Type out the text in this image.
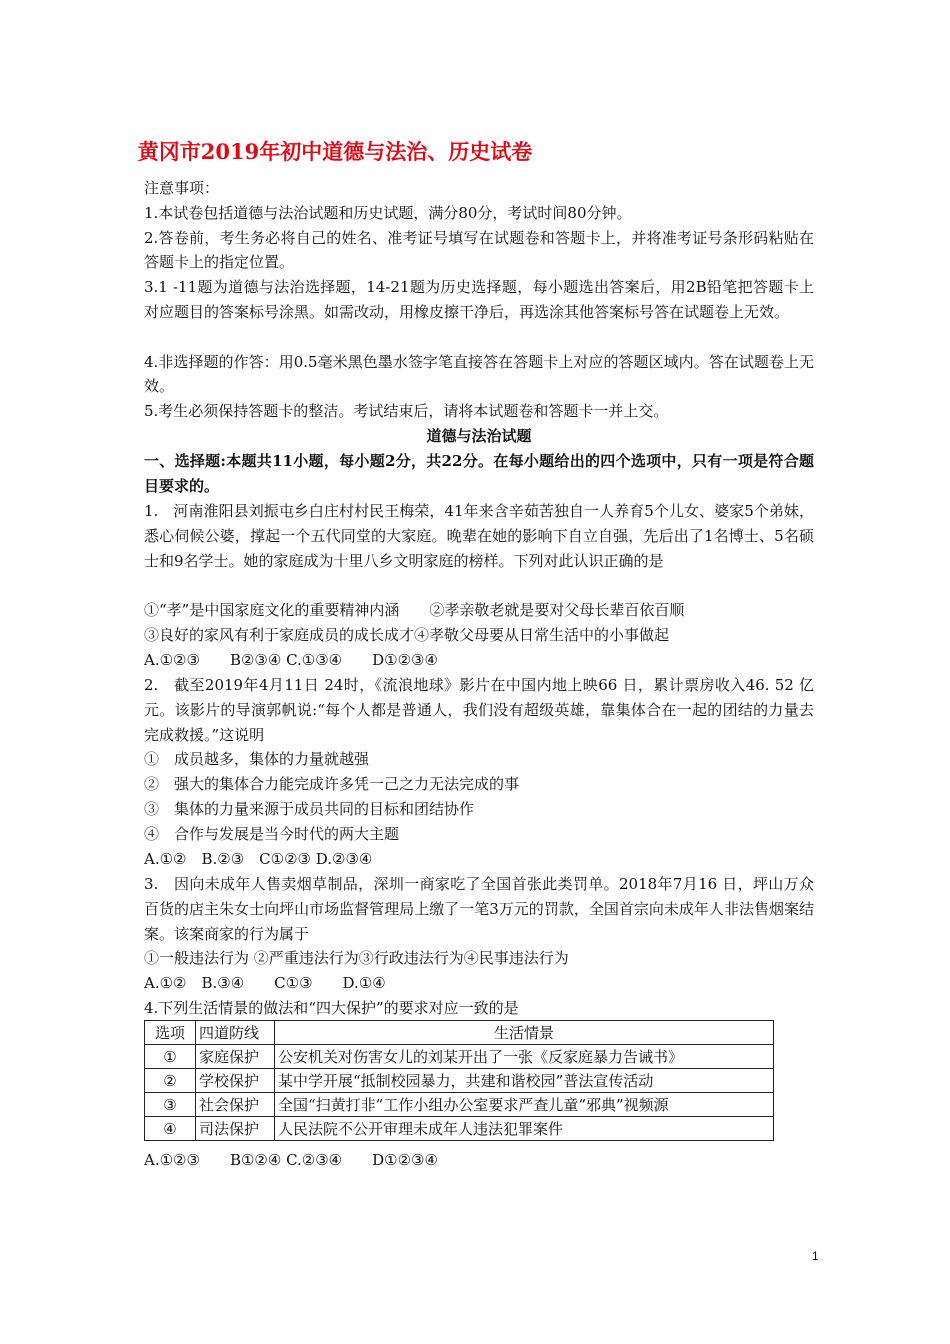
黄冈市2019年初中道德与法治、历史试卷
注意事项：
1.本试卷包括道德与法治试题和历史试题，满分80分，考试时间80分钟。
2.答卷前，考生务必将自己的姓名、准考证号填写在试题卷和答题卡上，并将准考证号条形码粘贴在答题卡上的指定位置。
3.1 -11题为道德与法治选择题，14-21题为历史选择题，每小题选出答案后，用2B铅笔把答题卡上对应题目的答案标号涂黑。如需改动，用橡皮擦干净后，再选涂其他答案标号答在试题卷上无效。
4.非选择题的作答：用0.5毫米黑色墨水签字笔直接答在答题卡上对应的答题区域内。答在试题卷上无效。
5.考生必须保持答题卡的整洁。考试结束后，请将本试题卷和答题卡一并上交。
道德与法治试题
一、选择题:本题共11小题，每小题2分，共22分。在每小题给出的四个选项中，只有一项是符合题目要求的。
1.　河南淮阳县刘振屯乡白庄村村民王梅荣，41年来含辛茹苦独自一人养育5个儿女、婆家5个弟妹，悉心伺候公婆，撑起一个五代同堂的大家庭。晚辈在她的影响下自立自强，先后出了1名博士、5名硕士和9名学士。她的家庭成为十里八乡文明家庭的榜样。下列对此认识正确的是
①“孝”是中国家庭文化的重要精神内涵　　②孝亲敬老就是要对父母长辈百依百顺
③良好的家风有利于家庭成员的成长成才④孝敬父母要从日常生活中的小事做起
A.①②③　　B②③④ C.①③④　　D①②③④
2.　截至2019年4月11日 24时，《流浪地球》影片在中国内地上映66 日，累计票房收入46. 52 亿元。该影片的导演郭帆说:“每个人都是普通人，我们没有超级英雄，靠集体合在一起的团结的力量去完成救援。”这说明
①　成员越多，集体的力量就越强
②　强大的集体合力能完成许多凭一己之力无法完成的事
③　集体的力量来源于成员共同的目标和团结协作
④　合作与发展是当今时代的两大主题
A.①②　B.②③　C①②③ D.②③④
3.　因向未成年人售卖烟草制品，深圳一商家吃了全国首张此类罚单。2018年7月16 日，坪山万众百货的店主朱女士向坪山市场监督管理局上缴了一笔3万元的罚款，全国首宗向未成年人非法售烟案结案。该案商家的行为属于
①一般违法行为 ②严重违法行为③行政违法行为④民事违法行为
A.①②　B.③④　　C①③　　D.①④
4.下列生活情景的做法和“四大保护”的要求对应一致的是
选项	四道防线	生活情景
①	家庭保护	公安机关对伤害女儿的刘某开出了一张《反家庭暴力告诫书》
②	学校保护	某中学开展“抵制校园暴力，共建和谐校园”普法宣传活动
③	社会保护	全国“扫黄打非”工作小组办公室要求严查儿童“邪典”视频源
④	司法保护	人民法院不公开审理未成年人违法犯罪案件
A.①②③　　B①②④ C.②③④　　D①②③④
1
